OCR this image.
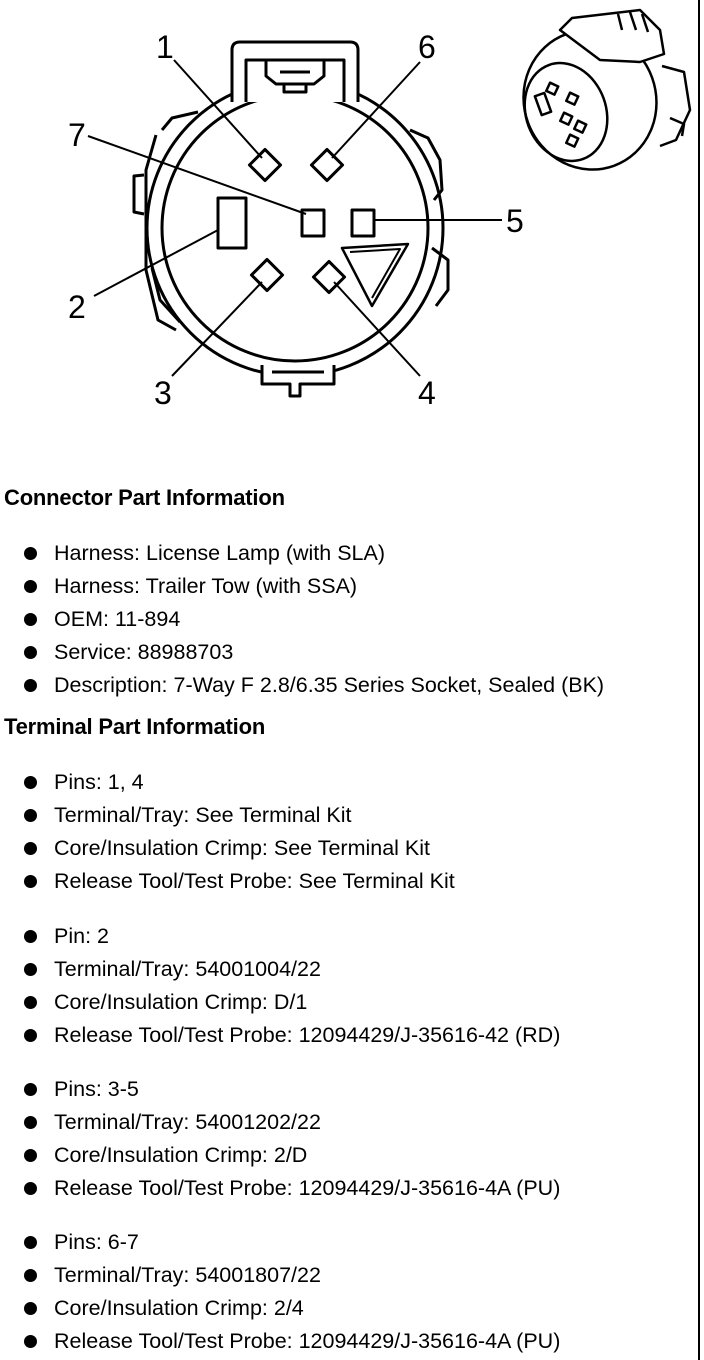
1
2
3	4
5
6
7
Connector Part Information
Harness: License Lamp (with SLA)
Harness: Trailer Tow (with SSA)
OEM: 11-894
Service: 88988703
Description: 7-Way F 2.8/6.35 Series Socket, Sealed (BK)
Terminal Part Information
Pins: 1, 4
Terminal/Tray: See Terminal Kit
Core/Insulation Crimp: See Terminal Kit
Release Tool/Test Probe: See Terminal Kit
Pin: 2
Terminal/Tray: 54001004/22
Core/Insulation Crimp: D/1
Release Tool/Test Probe: 12094429/J-35616-42 (RD)
Pins: 3-5
Terminal/Tray: 54001202/22
Core/Insulation Crimp: 2/D
Release Tool/Test Probe: 12094429/J-35616-4A (PU)
Pins: 6-7
Terminal/Tray: 54001807/22
Core/Insulation Crimp: 2/4
Release Tool/Test Probe: 12094429/J-35616-4A (PU)
